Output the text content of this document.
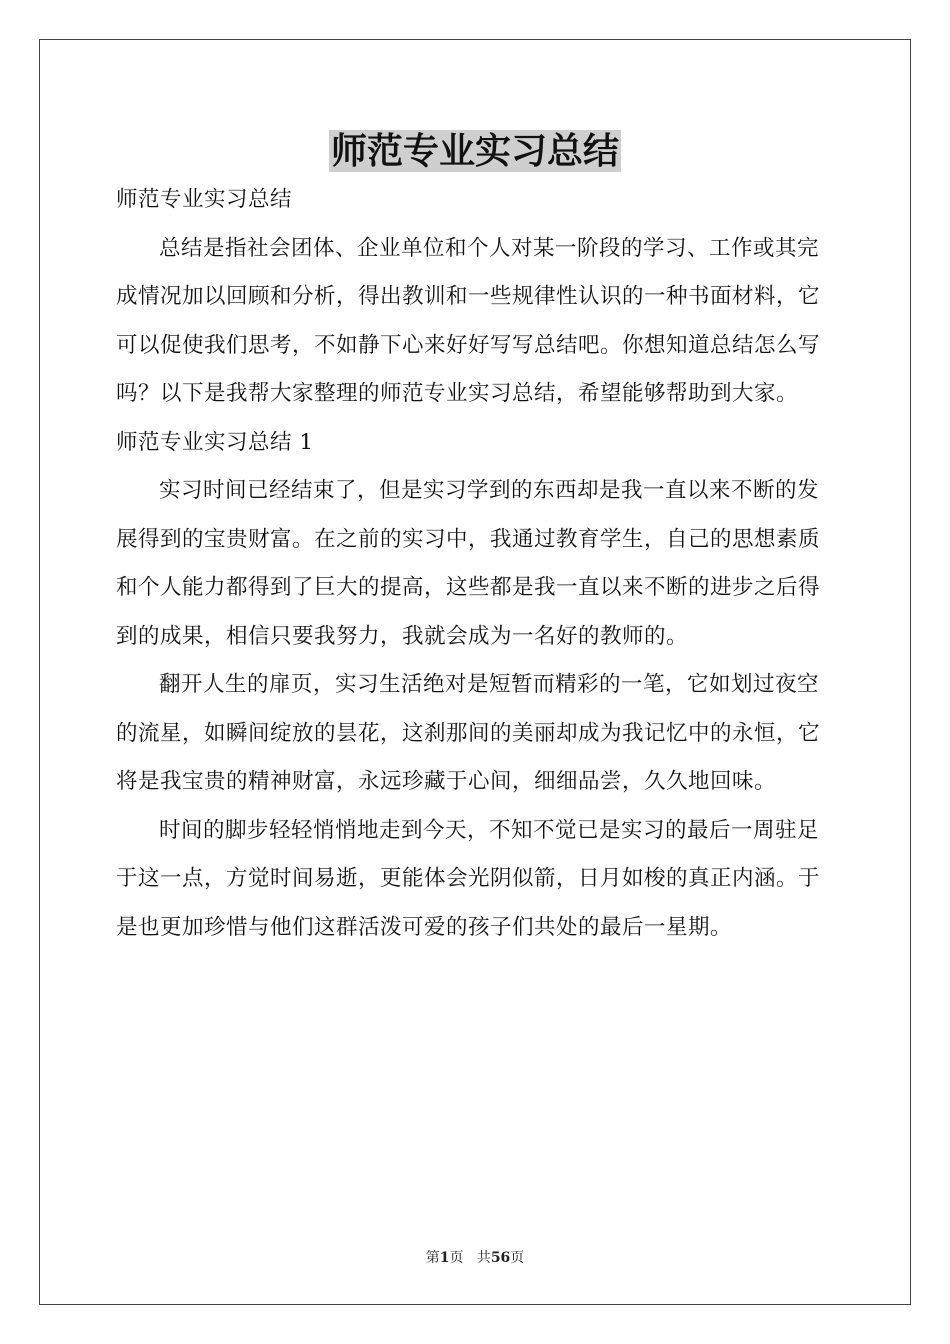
师范专业实习总结

师范专业实习总结

总结是指社会团体、企业单位和个人对某一阶段的学习、工作或其完成情况加以回顾和分析，得出教训和一些规律性认识的一种书面材料，它可以促使我们思考，不如静下心来好好写写总结吧。你想知道总结怎么写吗？以下是我帮大家整理的师范专业实习总结，希望能够帮助到大家。

师范专业实习总结 1

实习时间已经结束了，但是实习学到的东西却是我一直以来不断的发展得到的宝贵财富。在之前的实习中，我通过教育学生，自己的思想素质和个人能力都得到了巨大的提高，这些都是我一直以来不断的进步之后得到的成果，相信只要我努力，我就会成为一名好的教师的。

翻开人生的扉页，实习生活绝对是短暂而精彩的一笔，它如划过夜空的流星，如瞬间绽放的昙花，这刹那间的美丽却成为我记忆中的永恒，它将是我宝贵的精神财富，永远珍藏于心间，细细品尝，久久地回味。

时间的脚步轻轻悄悄地走到今天，不知不觉已是实习的最后一周驻足于这一点，方觉时间易逝，更能体会光阴似箭，日月如梭的真正内涵。于是也更加珍惜与他们这群活泼可爱的孩子们共处的最后一星期。

第1页 共56页
